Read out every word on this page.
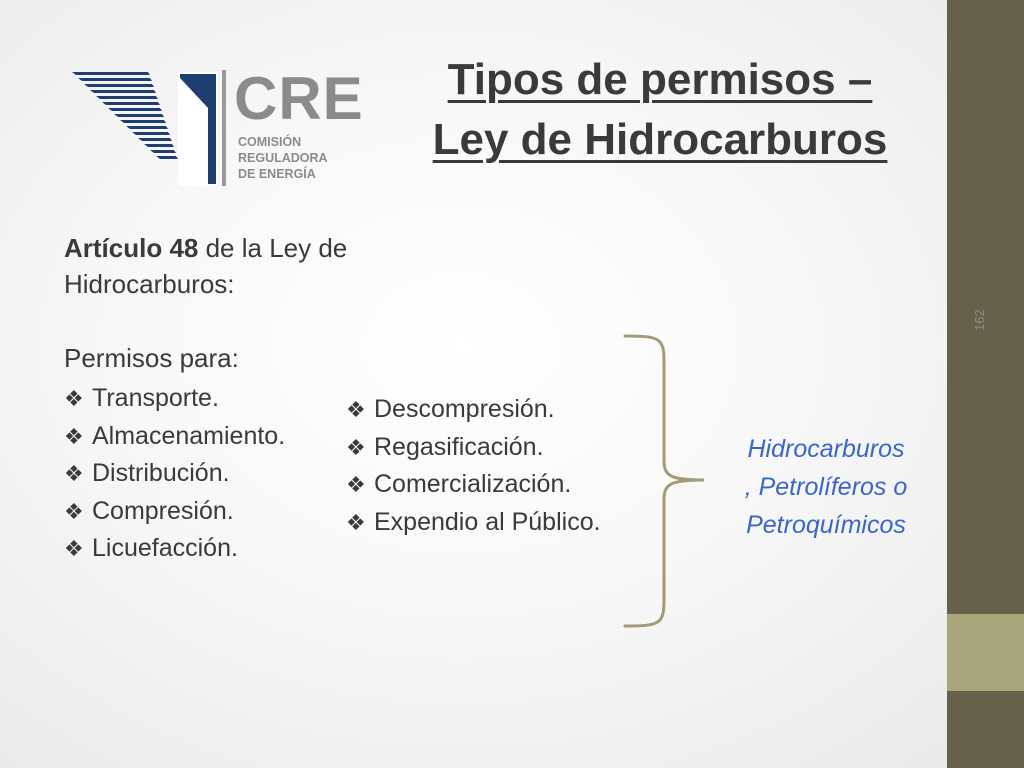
CRE
COMISIÓN
REGULADORA
DE ENERGÍA
Tipos de permisos –
Ley de Hidrocarburos
Artículo 48 de la Ley de Hidrocarburos:
Permisos para:
❖ Transporte.
❖ Almacenamiento.
❖ Distribución.
❖ Compresión.
❖ Licuefacción.
❖ Descompresión.
❖ Regasificación.
❖ Comercialización.
❖ Expendio al Público.
Hidrocarburos
, Petrolíferos o
Petroquímicos
162
